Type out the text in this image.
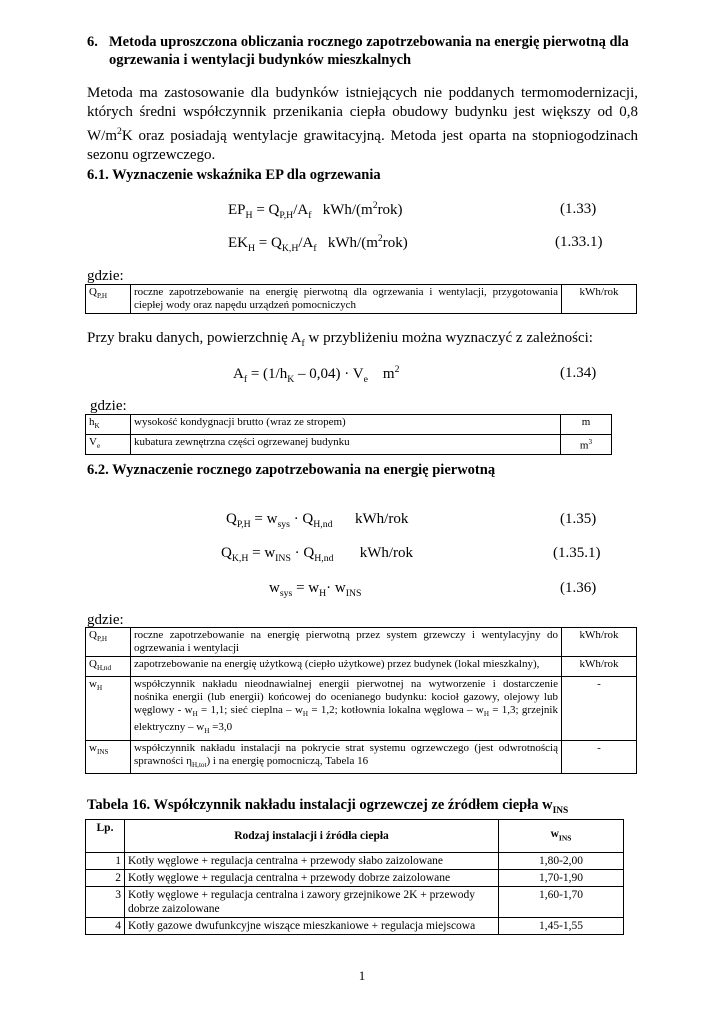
6. Metoda uproszczona obliczania rocznego zapotrzebowania na energię pierwotną dla ogrzewania i wentylacji budynków mieszkalnych
Metoda ma zastosowanie dla budynków istniejących nie poddanych termomodernizacji, których średni współczynnik przenikania ciepła obudowy budynku jest większy od 0,8 $W/m^2K$ oraz posiadają wentylacje grawitacyjną. Metoda jest oparta na stopniogodzinach sezonu ogrzewczego.
6.1. Wyznaczenie wskaźnika EP dla ogrzewania
$EP_H = Q_{P,H}/A_f$   kWh/$(m^2rok)$	(1.33)
$EK_H = Q_{K,H}/A_f$   kWh/$(m^2rok)$	(1.33.1)
gdzie:
$Q_{P,H}$	roczne zapotrzebowanie na energię pierwotną dla ogrzewania i wentylacji, przygotowania ciepłej wody oraz napędu urządzeń pomocniczych	kWh/rok
Przy braku danych, powierzchnię $A_f$ w przybliżeniu można wyznaczyć z zależności:
$A_f = (1/h_K - 0,04) \cdot V_e$    $m^2$	(1.34)
gdzie:
$h_K$	wysokość kondygnacji brutto (wraz ze stropem)	m
$V_e$	kubatura zewnętrzna części ogrzewanej budynku	$m^3$
6.2. Wyznaczenie rocznego zapotrzebowania na energię pierwotną
$Q_{P,H} = w_{sys} \cdot Q_{H,nd}$      kWh/rok	(1.35)
$Q_{K,H} = w_{INS} \cdot Q_{H,nd}$       kWh/rok	(1.35.1)
$w_{sys} = w_H\cdot w_{INS}$	(1.36)
gdzie:
$Q_{P,H}$	roczne zapotrzebowanie na energię pierwotną przez system grzewczy i wentylacyjny do ogrzewania i wentylacji	kWh/rok
$Q_{H,nd}$	zapotrzebowanie na energię użytkową (ciepło użytkowe) przez budynek (lokal mieszkalny),	kWh/rok
$w_H$	współczynnik nakładu nieodnawialnej energii pierwotnej na wytworzenie i dostarczenie nośnika energii (lub energii) końcowej do ocenianego budynku: kocioł gazowy, olejowy lub węglowy - $w_H = 1,1$; sieć cieplna – $w_H = 1,2$; kotłownia lokalna węglowa – $w_H = 1,3$; grzejnik elektryczny – $w_H =3,0$	-
$w_{INS}$	współczynnik nakładu instalacji na pokrycie strat systemu ogrzewczego (jest odwrotnością sprawności $\eta_{H,tot}$) i na energię pomocniczą, Tabela 16	-
Tabela 16. Współczynnik nakładu instalacji ogrzewczej ze źródłem ciepła $w_{INS}$
Lp.	Rodzaj instalacji i źródła ciepła	$w_{INS}$
1	Kotły węglowe + regulacja centralna + przewody słabo zaizolowane	1,80-2,00
2	Kotły węglowe + regulacja centralna + przewody dobrze zaizolowane	1,70-1,90
3	Kotły węglowe + regulacja centralna i zawory grzejnikowe 2K + przewody dobrze zaizolowane	1,60-1,70
4	Kotły gazowe dwufunkcyjne wiszące mieszkaniowe + regulacja miejscowa	1,45-1,55
1
